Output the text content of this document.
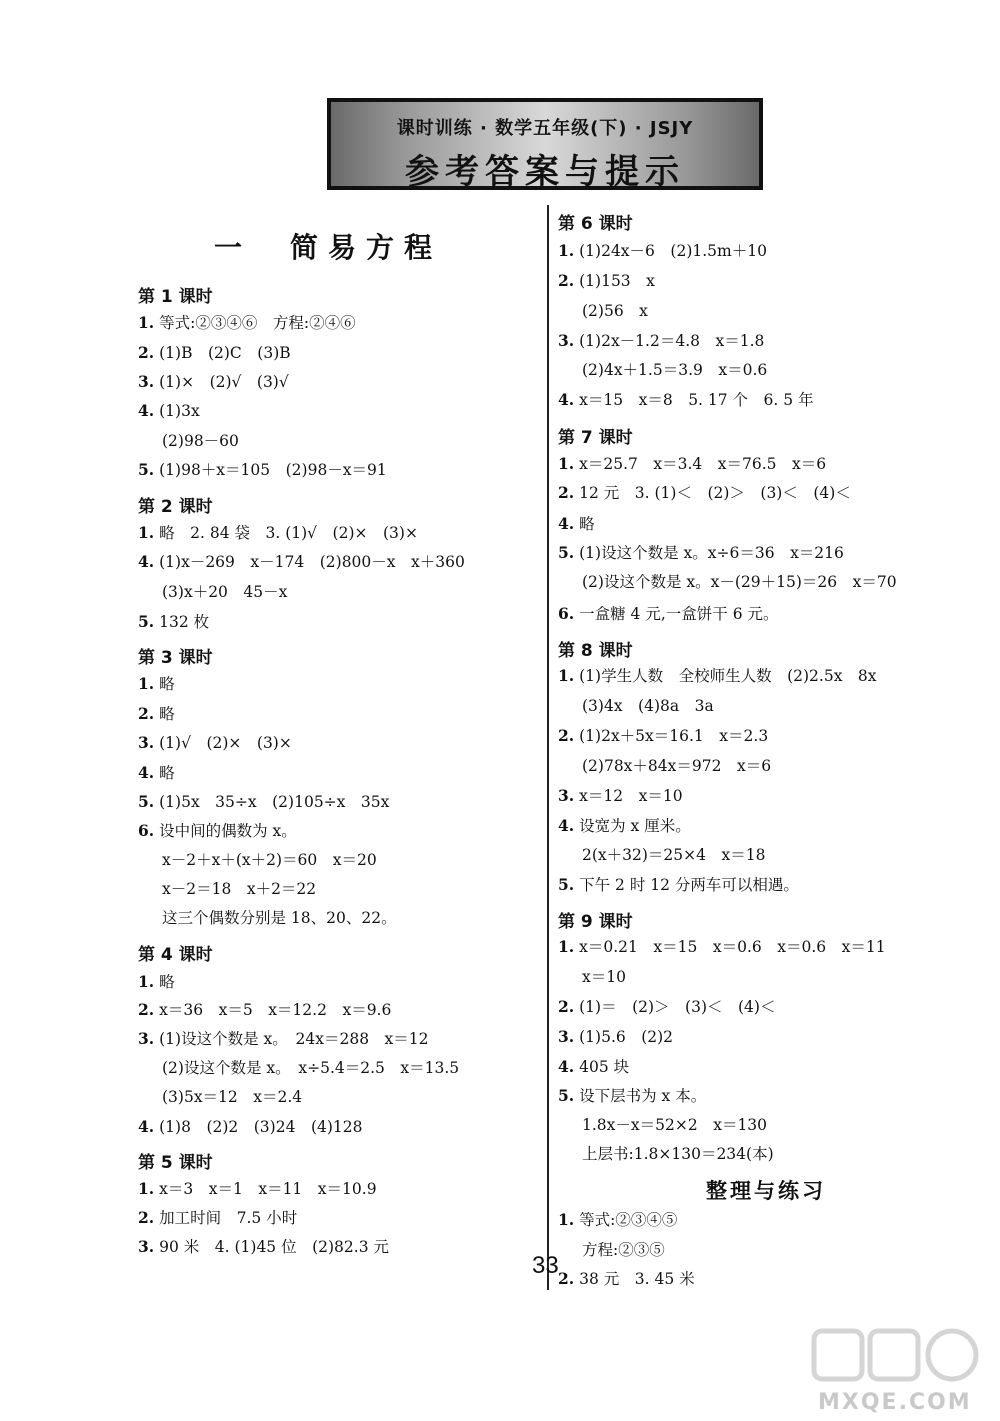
课时训练 · 数学五年级(下) · JSJY
参考答案与提示
一　简易方程
第 1 课时
1. 等式:②③④⑥　方程:②④⑥
2. (1)B　(2)C　(3)B
3. (1)×　(2)√　(3)√
4. (1)3x
(2)98－60
5. (1)98＋x＝105　(2)98－x＝91
第 2 课时
1. 略　2. 84 袋　3. (1)√　(2)×　(3)×
4. (1)x－269　x－174　(2)800－x　x＋360
(3)x＋20　45－x
5. 132 枚
第 3 课时
1. 略
2. 略
3. (1)√　(2)×　(3)×
4. 略
5. (1)5x　35÷x　(2)105÷x　35x
6. 设中间的偶数为 x。
x－2＋x＋(x＋2)＝60　x＝20
x－2＝18　x＋2＝22
这三个偶数分别是 18、20、22。
第 4 课时
1. 略
2. x＝36　x＝5　x＝12.2　x＝9.6
3. (1)设这个数是 x。　24x＝288　x＝12
(2)设这个数是 x。　x÷5.4＝2.5　x＝13.5
(3)5x＝12　x＝2.4
4. (1)8　(2)2　(3)24　(4)128
第 5 课时
1. x＝3　x＝1　x＝11　x＝10.9
2. 加工时间　7.5 小时
3. 90 米　4. (1)45 位　(2)82.3 元
第 6 课时
1. (1)24x－6　(2)1.5m＋10
2. (1)153　x
(2)56　x
3. (1)2x－1.2＝4.8　x＝1.8
(2)4x＋1.5＝3.9　x＝0.6
4. x＝15　x＝8　5. 17 个　6. 5 年
第 7 课时
1. x＝25.7　x＝3.4　x＝76.5　x＝6
2. 12 元　3. (1)＜　(2)＞　(3)＜　(4)＜
4. 略
5. (1)设这个数是 x。x÷6＝36　x＝216
(2)设这个数是 x。x－(29＋15)＝26　x＝70
6. 一盒糖 4 元,一盒饼干 6 元。
第 8 课时
1. (1)学生人数　全校师生人数　(2)2.5x　8x
(3)4x　(4)8a　3a
2. (1)2x＋5x＝16.1　x＝2.3
(2)78x＋84x＝972　x＝6
3. x＝12　x＝10
4. 设宽为 x 厘米。
2(x＋32)＝25×4　x＝18
5. 下午 2 时 12 分两车可以相遇。
第 9 课时
1. x＝0.21　x＝15　x＝0.6　x＝0.6　x＝11
x＝10
2. (1)＝　(2)＞　(3)＜　(4)＜
3. (1)5.6　(2)2
4. 405 块
5. 设下层书为 x 本。
1.8x－x＝52×2　x＝130
上层书:1.8×130＝234(本)
整理与练习
1. 等式:②③④⑤
方程:②③⑤
2. 38 元　3. 45 米
33
MXQE.COM
